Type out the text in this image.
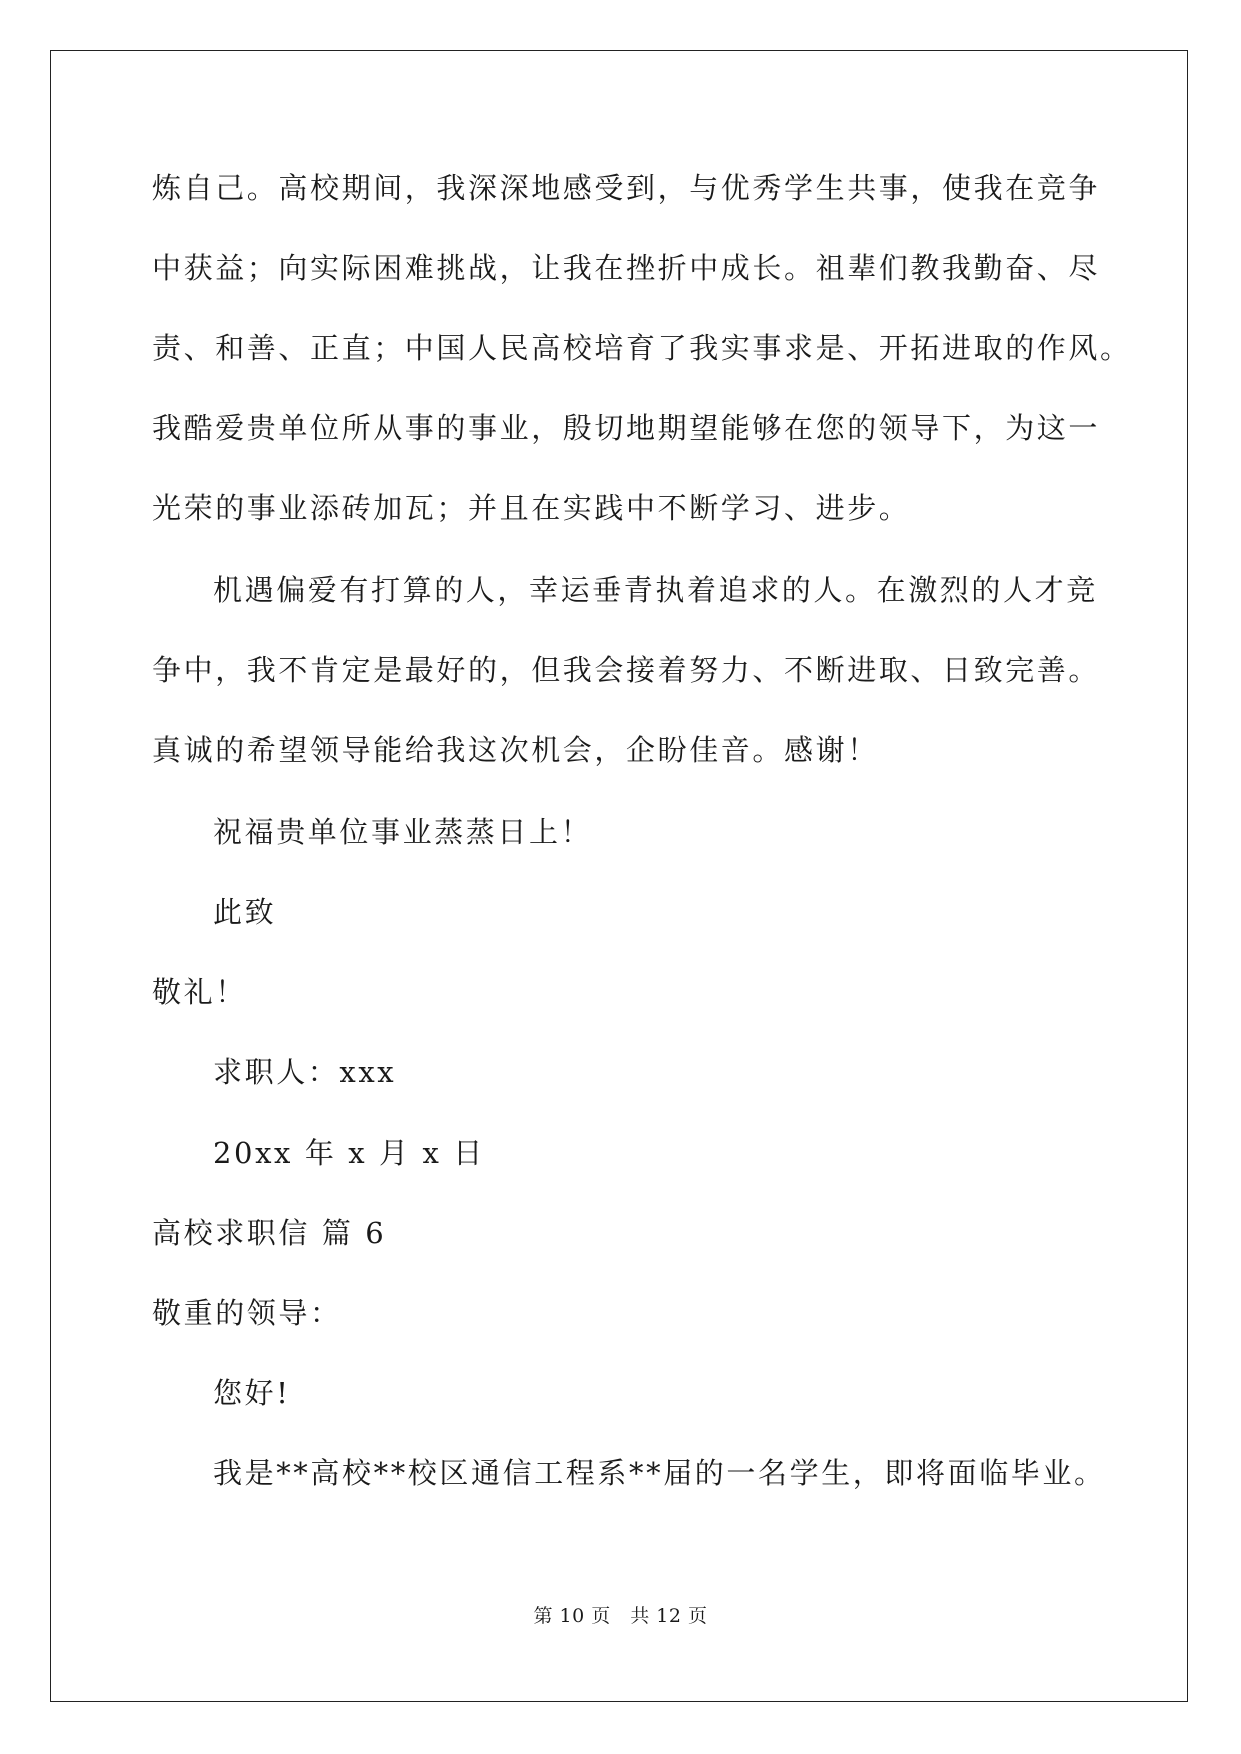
炼自己。高校期间，我深深地感受到，与优秀学生共事，使我在竞争
中获益；向实际困难挑战，让我在挫折中成长。祖辈们教我勤奋、尽
责、和善、正直；中国人民高校培育了我实事求是、开拓进取的作风。
我酷爱贵单位所从事的事业，殷切地期望能够在您的领导下，为这一
光荣的事业添砖加瓦；并且在实践中不断学习、进步。
机遇偏爱有打算的人，幸运垂青执着追求的人。在激烈的人才竞
争中，我不肯定是最好的，但我会接着努力、不断进取、日致完善。
真诚的希望领导能给我这次机会，企盼佳音。感谢！
祝福贵单位事业蒸蒸日上！
此致
敬礼！
求职人：xxx
20xx 年 x 月 x 日
高校求职信 篇 6
敬重的领导：
您好!
我是**高校**校区通信工程系**届的一名学生，即将面临毕业。
第 10 页　共 12 页
